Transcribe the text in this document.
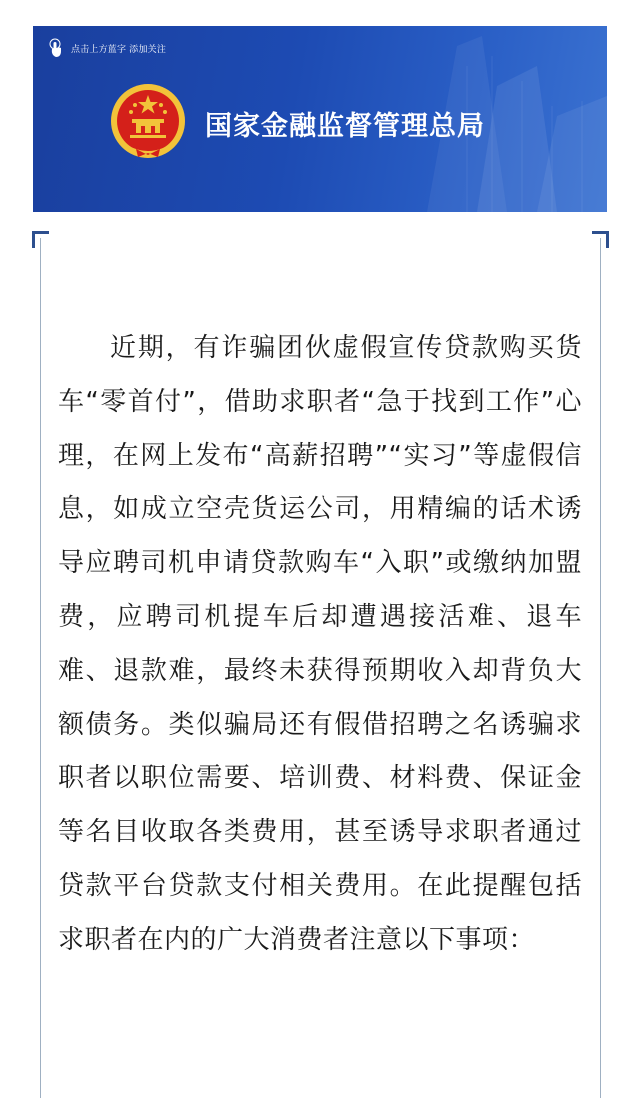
点击上方蓝字 添加关注
国家金融监督管理总局

近期，有诈骗团伙虚假宣传贷款购买货车“零首付”，借助求职者“急于找到工作”心理，在网上发布“高薪招聘”“实习”等虚假信息，如成立空壳货运公司，用精编的话术诱导应聘司机申请贷款购车“入职”或缴纳加盟费，应聘司机提车后却遭遇接活难、退车难、退款难，最终未获得预期收入却背负大额债务。类似骗局还有假借招聘之名诱骗求职者以职位需要、培训费、材料费、保证金等名目收取各类费用，甚至诱导求职者通过贷款平台贷款支付相关费用。在此提醒包括求职者在内的广大消费者注意以下事项：
